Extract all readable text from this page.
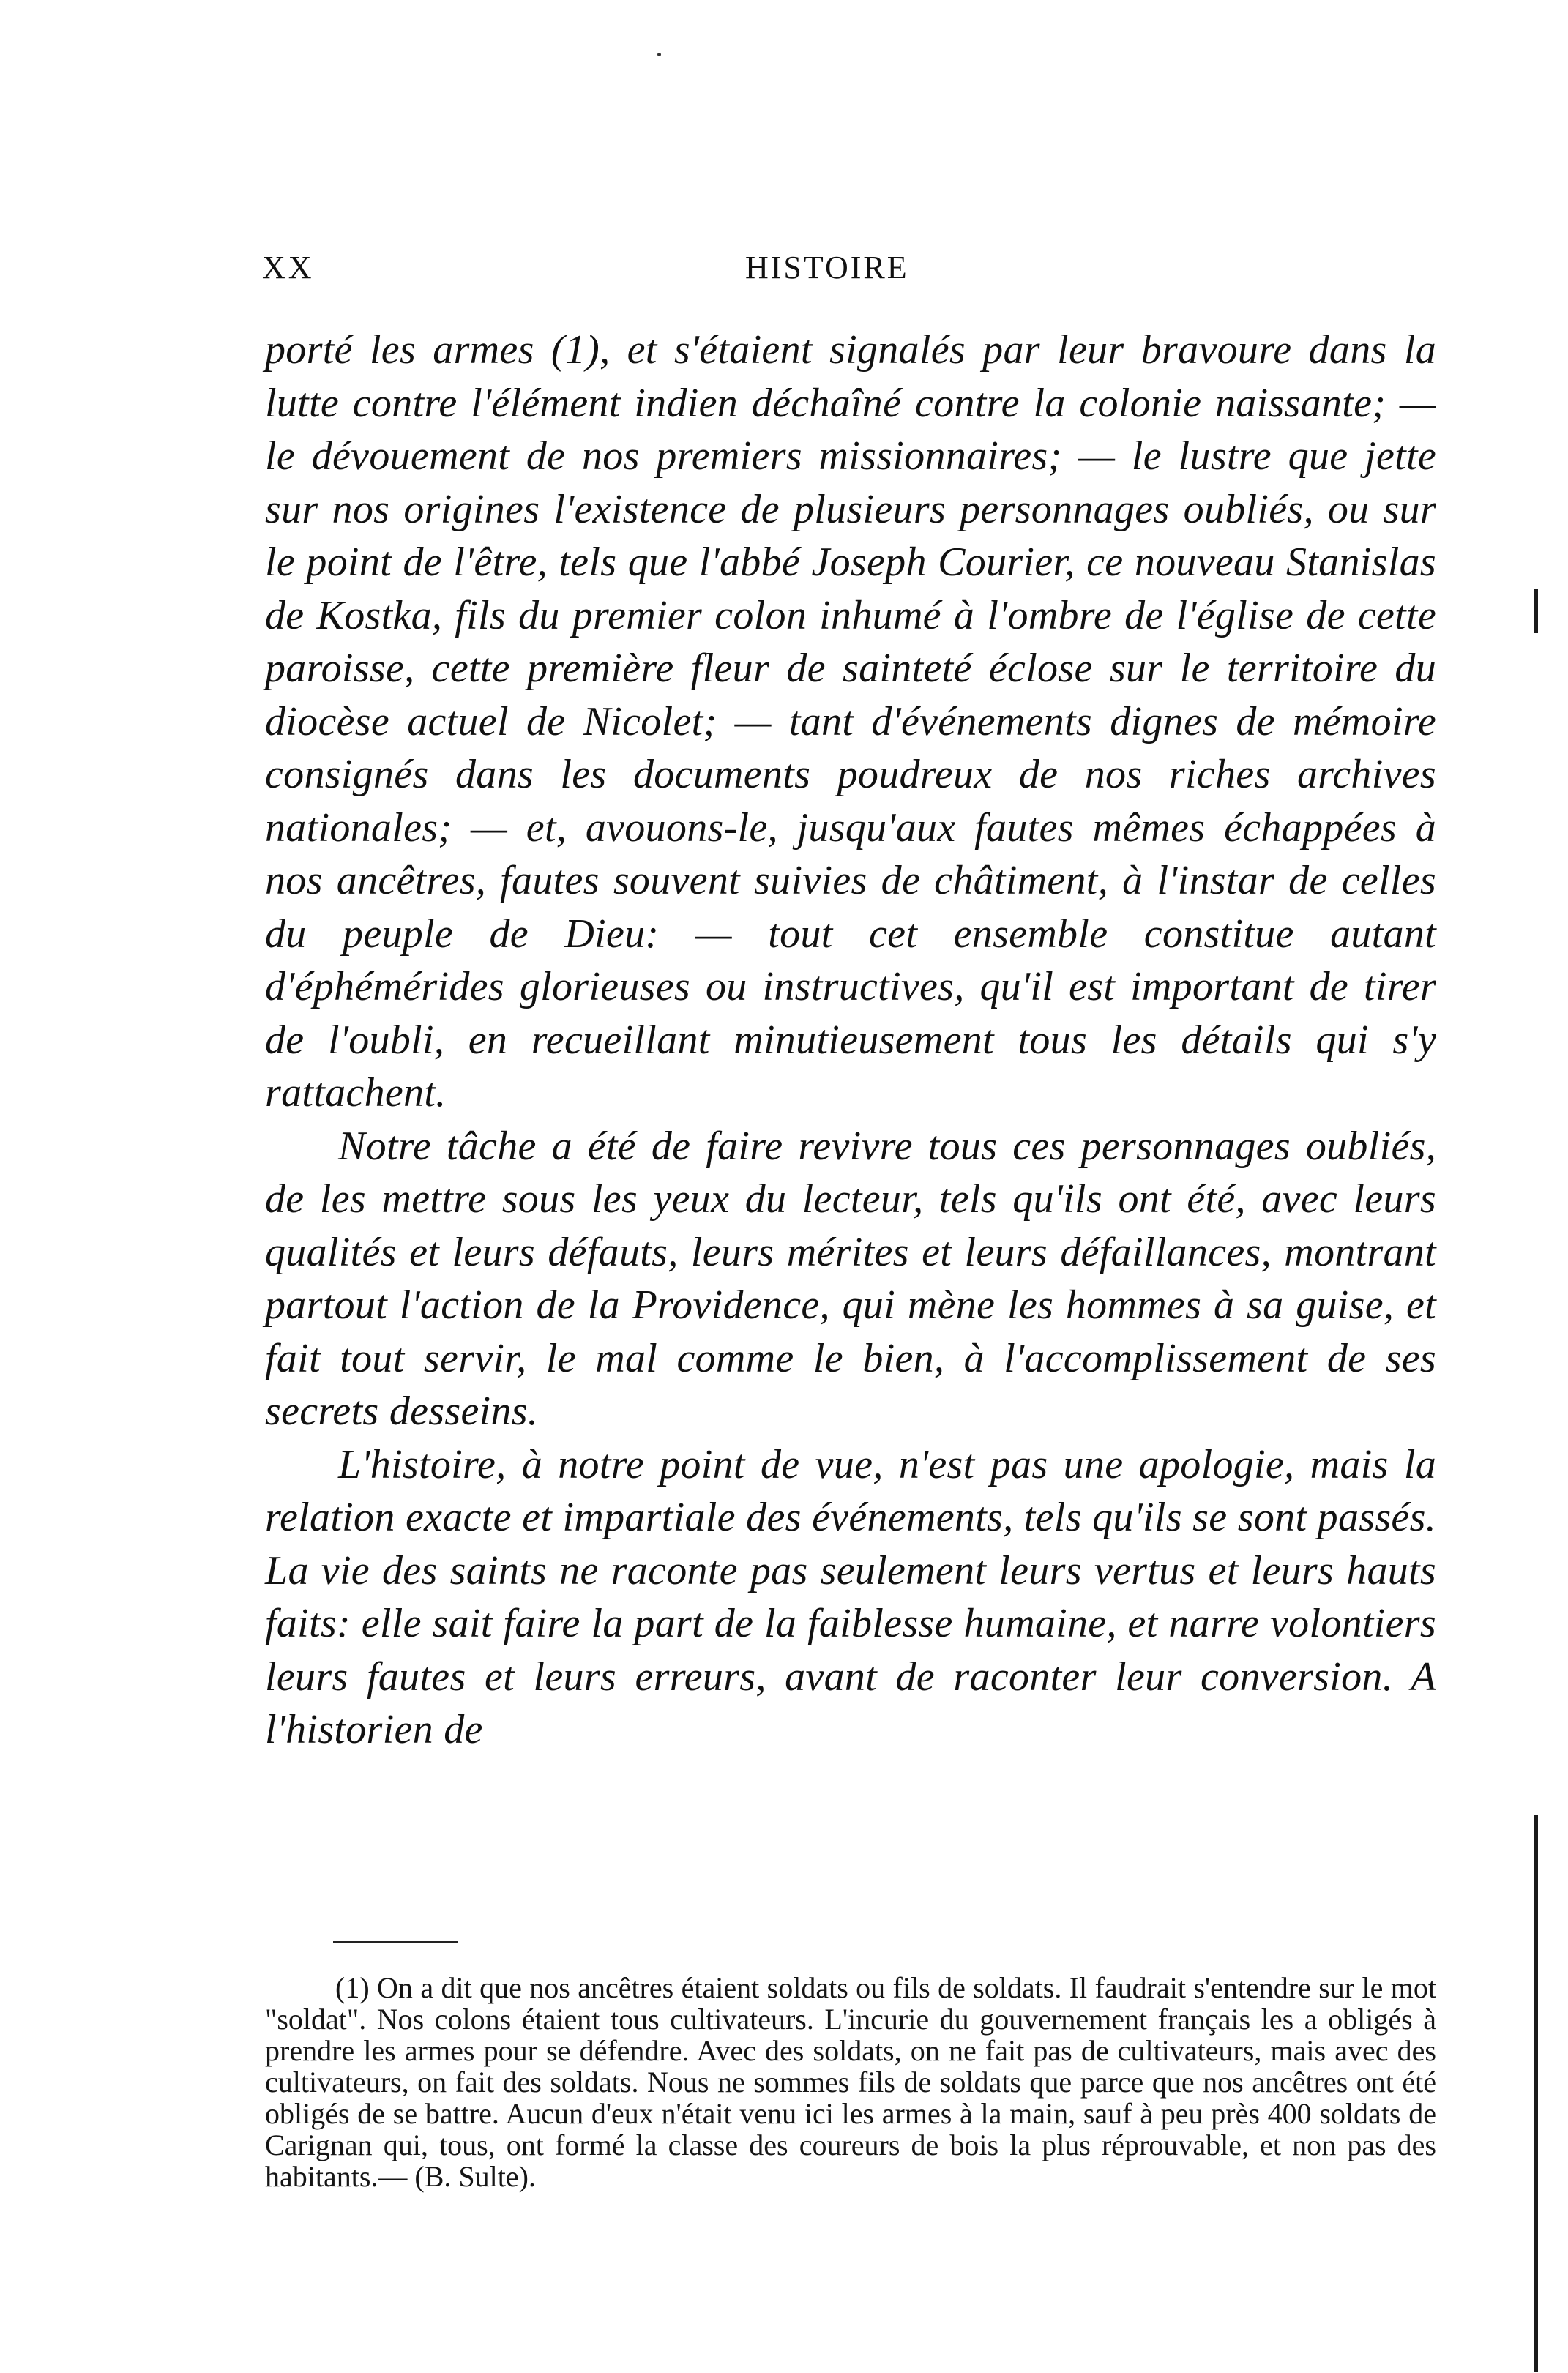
XX	HISTOIRE

porté les armes (1), et s'étaient signalés par leur bravoure dans la lutte contre l'élément indien déchaîné contre la colonie naissante; — le dévouement de nos premiers missionnaires; — le lustre que jette sur nos origines l'existence de plusieurs personnages oubliés, ou sur le point de l'être, tels que l'abbé Joseph Courier, ce nouveau Stanislas de Kostka, fils du premier colon inhumé à l'ombre de l'église de cette paroisse, cette première fleur de sainteté éclose sur le territoire du diocèse actuel de Nicolet; — tant d'événements dignes de mémoire consignés dans les documents poudreux de nos riches archives nationales; — et, avouons-le, jusqu'aux fautes mêmes échappées à nos ancêtres, fautes souvent suivies de châtiment, à l'instar de celles du peuple de Dieu: — tout cet ensemble constitue autant d'éphémérides glorieuses ou instructives, qu'il est important de tirer de l'oubli, en recueillant minutieusement tous les détails qui s'y rattachent.

Notre tâche a été de faire revivre tous ces personnages oubliés, de les mettre sous les yeux du lecteur, tels qu'ils ont été, avec leurs qualités et leurs défauts, leurs mérites et leurs défaillances, montrant partout l'action de la Providence, qui mène les hommes à sa guise, et fait tout servir, le mal comme le bien, à l'accomplissement de ses secrets desseins.

L'histoire, à notre point de vue, n'est pas une apologie, mais la relation exacte et impartiale des événements, tels qu'ils se sont passés. La vie des saints ne raconte pas seulement leurs vertus et leurs hauts faits: elle sait faire la part de la faiblesse humaine, et narre volontiers leurs fautes et leurs erreurs, avant de raconter leur conversion. A l'historien de

(1) On a dit que nos ancêtres étaient soldats ou fils de soldats. Il faudrait s'entendre sur le mot "soldat". Nos colons étaient tous cultivateurs. L'incurie du gouvernement français les a obligés à prendre les armes pour se défendre. Avec des soldats, on ne fait pas de cultivateurs, mais avec des cultivateurs, on fait des soldats. Nous ne sommes fils de soldats que parce que nos ancêtres ont été obligés de se battre. Aucun d'eux n'était venu ici les armes à la main, sauf à peu près 400 soldats de Carignan qui, tous, ont formé la classe des coureurs de bois la plus réprouvable, et non pas des habitants.— (B. Sulte).
